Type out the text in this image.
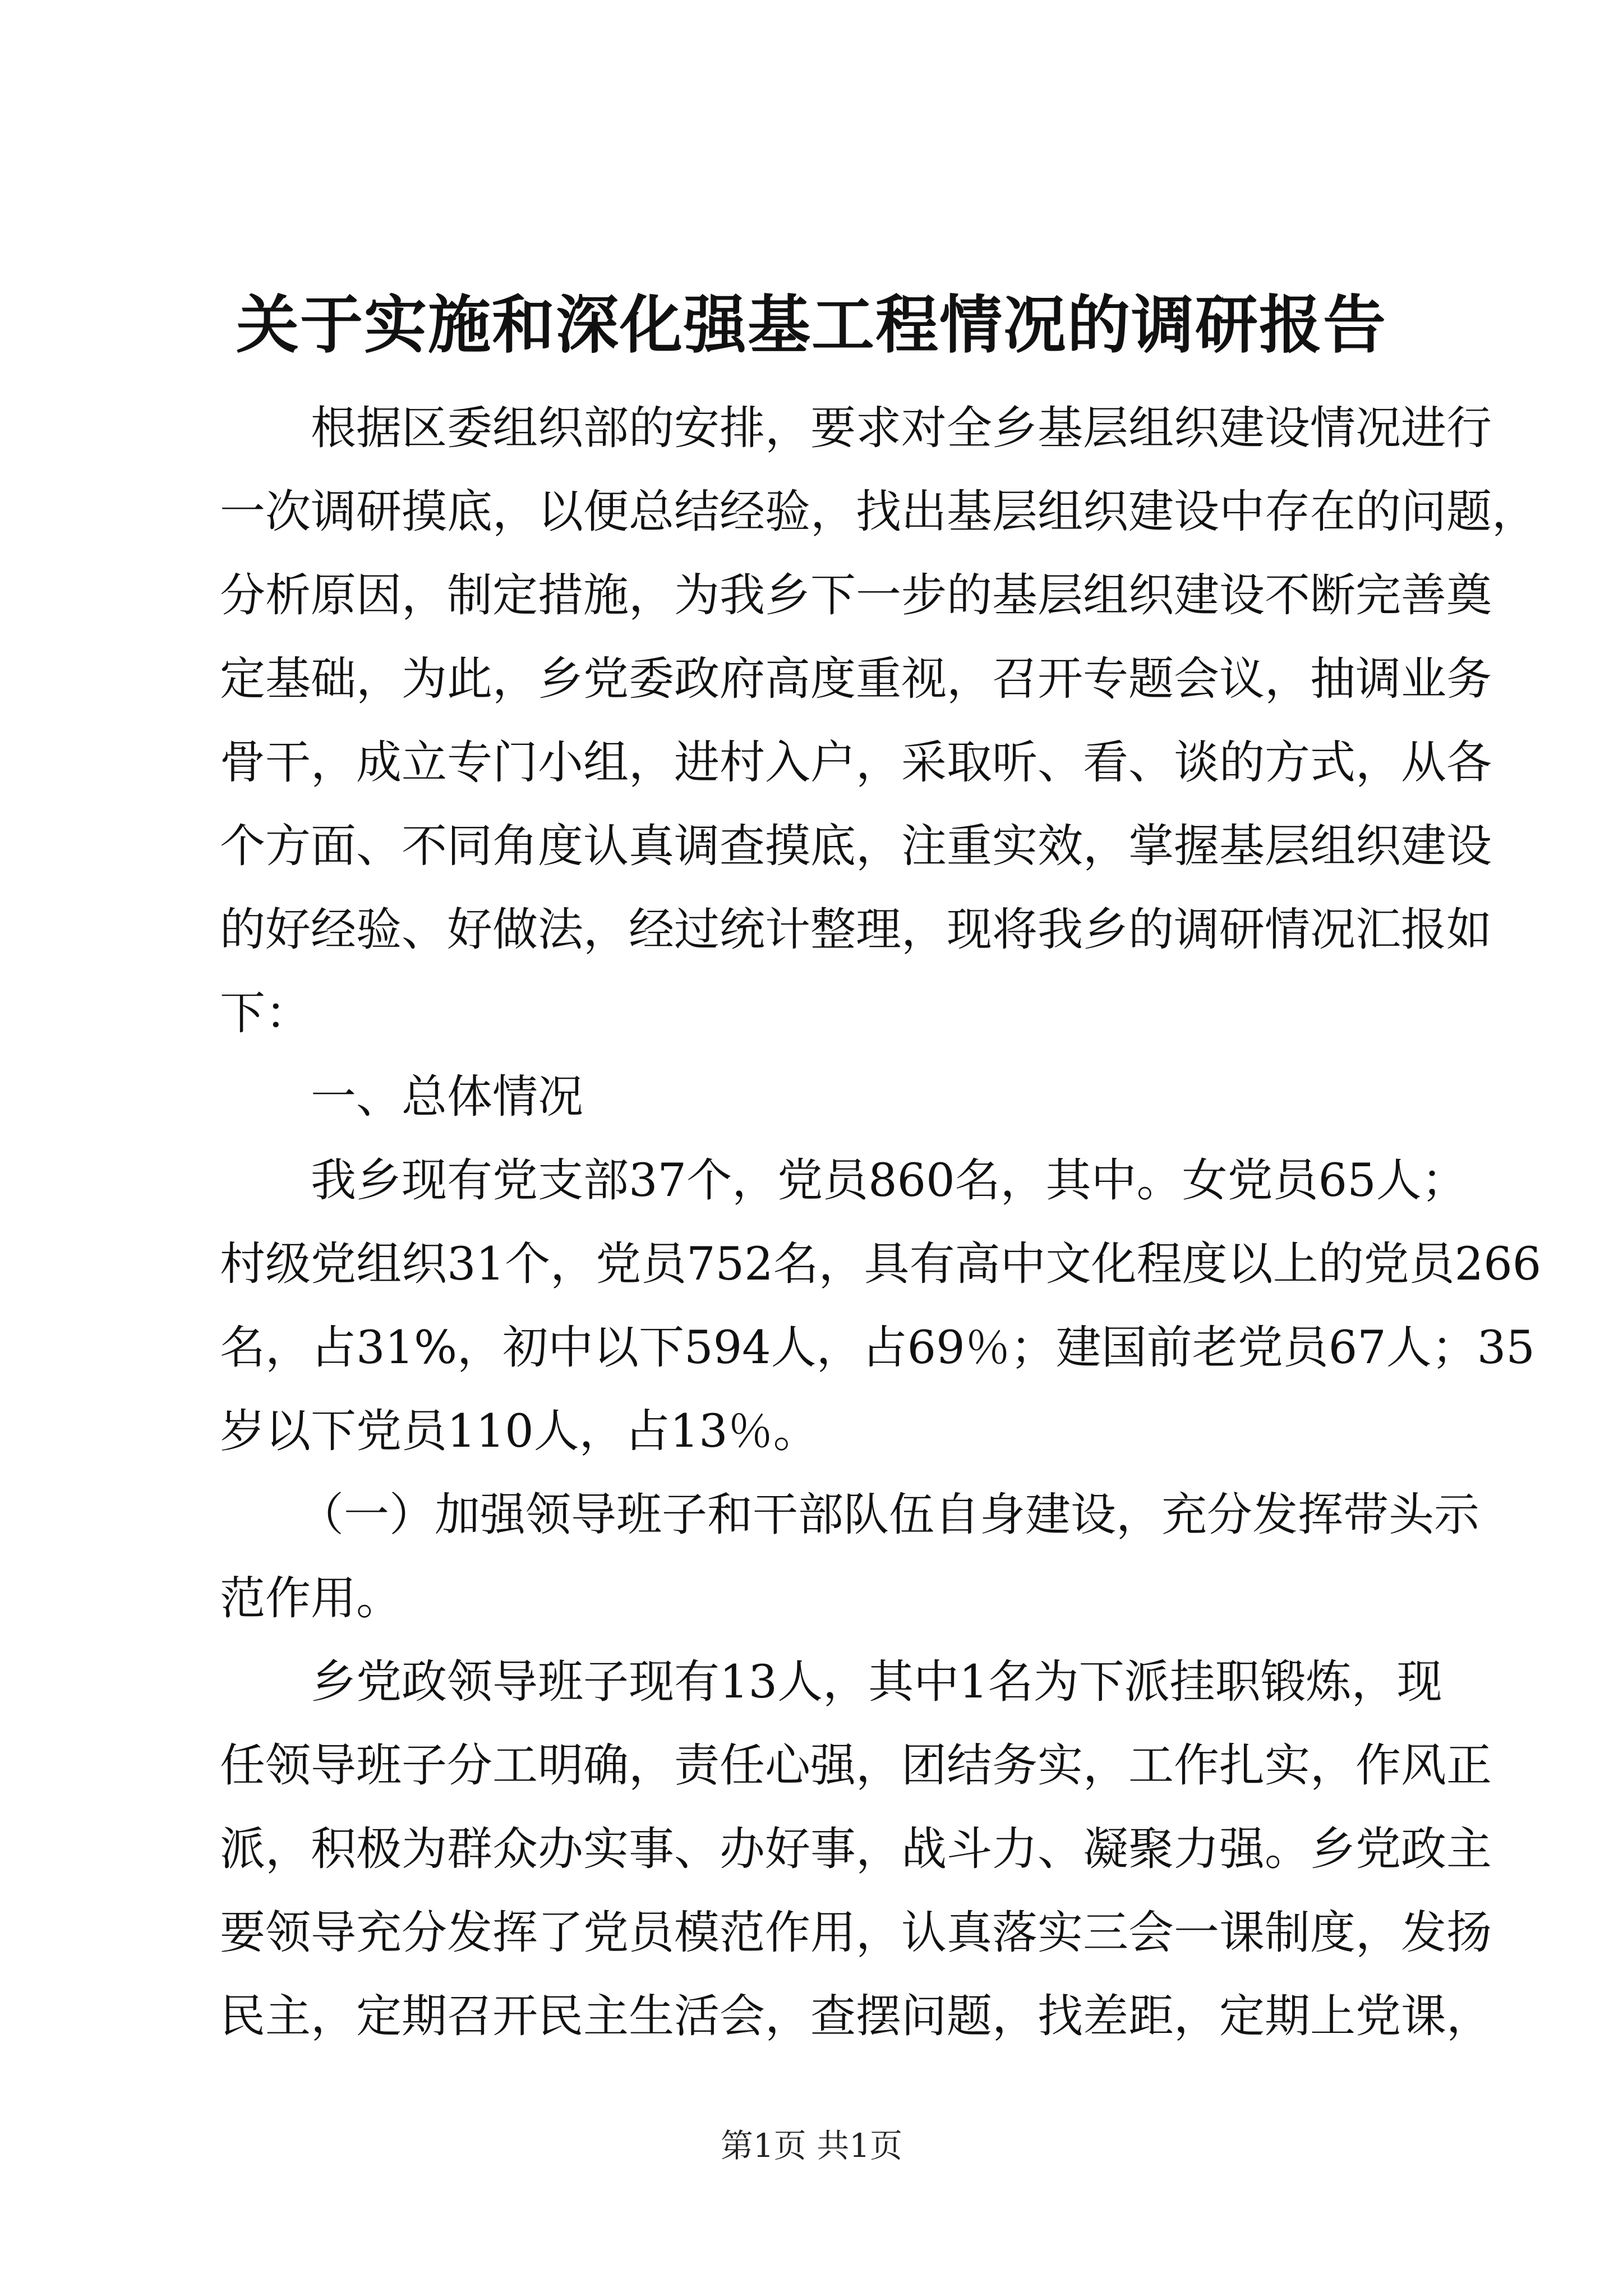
关于实施和深化强基工程情况的调研报告
根据区委组织部的安排，要求对全乡基层组织建设情况进行
一次调研摸底，以便总结经验，找出基层组织建设中存在的问题，
分析原因，制定措施，为我乡下一步的基层组织建设不断完善奠
定基础，为此，乡党委政府高度重视，召开专题会议，抽调业务
骨干，成立专门小组，进村入户，采取听、看、谈的方式，从各
个方面、不同角度认真调查摸底，注重实效，掌握基层组织建设
的好经验、好做法，经过统计整理，现将我乡的调研情况汇报如
下：
一、总体情况
我乡现有党支部37个，党员860名，其中。女党员65人；
村级党组织31个，党员752名，具有高中文化程度以上的党员266
名，占31%，初中以下594人，占69％；建国前老党员67人；35
岁以下党员110人，占13％。
（一）加强领导班子和干部队伍自身建设，充分发挥带头示
范作用。
乡党政领导班子现有13人，其中1名为下派挂职锻炼，现
任领导班子分工明确，责任心强，团结务实，工作扎实，作风正
派，积极为群众办实事、办好事，战斗力、凝聚力强。乡党政主
要领导充分发挥了党员模范作用，认真落实三会一课制度，发扬
民主，定期召开民主生活会，查摆问题，找差距，定期上党课，
第1页 共1页
